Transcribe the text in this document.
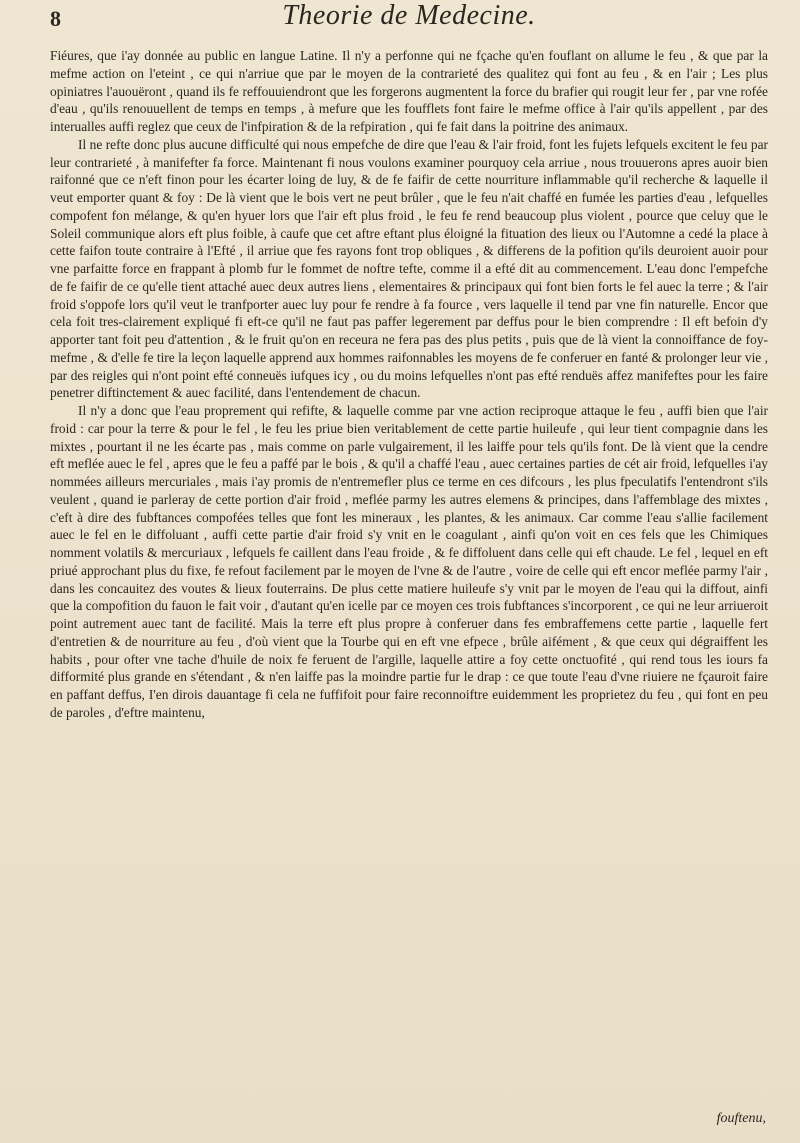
8	Theorie de Medecine.

Fiéures, que i'ay donnée au public en langue Latine. Il n'y a perfonne qui ne fçache qu'en fouflant on allume le feu , & que par la mefme action on l'eteint , ce qui n'arriue que par le moyen de la contrarieté des qualitez qui font au feu , & en l'air ; Les plus opiniatres l'auouëront , quand ils fe reffouuiendront que les forgerons augmentent la force du brafier qui rougit leur fer , par vne rofée d'eau , qu'ils renouuellent de temps en temps , à mefure que les foufflets font faire le mefme office à l'air qu'ils appellent , par des interualles auffi reglez que ceux de l'infpiration & de la refpiration , qui fe fait dans la poitrine des animaux.

Il ne refte donc plus aucune difficulté qui nous empefche de dire que l'eau & l'air froid, font les fujets lefquels excitent le feu par leur contrarieté , à manifefter fa force. Maintenant fi nous voulons examiner pourquoy cela arriue , nous trouuerons apres auoir bien raifonné que ce n'eft finon pour les écarter loing de luy, & de fe faifir de cette nourriture inflammable qu'il recherche & laquelle il veut emporter quant & foy : De là vient que le bois vert ne peut brûler , que le feu n'ait chaffé en fumée les parties d'eau , lefquelles compofent fon mélange, & qu'en hyuer lors que l'air eft plus froid , le feu fe rend beaucoup plus violent , pource que celuy que le Soleil communique alors eft plus foible, à caufe que cet aftre eftant plus éloigné la fituation des lieux ou l'Automne a cedé la place à cette faifon toute contraire à l'Efté , il arriue que fes rayons font trop obliques , & differens de la pofition qu'ils deuroient auoir pour vne parfaitte force en frappant à plomb fur le fommet de noftre tefte, comme il a efté dit au commencement. L'eau donc l'empefche de fe faifir de ce qu'elle tient attaché auec deux autres liens , elementaires & principaux qui font bien forts le fel auec la terre ; & l'air froid s'oppofe lors qu'il veut le tranfporter auec luy pour fe rendre à fa fource , vers laquelle il tend par vne fin naturelle. Encor que cela foit tres-clairement expliqué fi eft-ce qu'il ne faut pas paffer legerement par deffus pour le bien comprendre : Il eft befoin d'y apporter tant foit peu d'attention , & le fruit qu'on en receura ne fera pas des plus petits , puis que de là vient la connoiffance de foy-mefme , & d'elle fe tire la leçon laquelle apprend aux hommes raifonnables les moyens de fe conferuer en fanté & prolonger leur vie , par des reigles qui n'ont point efté conneuës iufques icy , ou du moins lefquelles n'ont pas efté renduës affez manifeftes pour les faire penetrer diftinctement & auec facilité, dans l'entendement de chacun.

Il n'y a donc que l'eau proprement qui refifte, & laquelle comme par vne action reciproque attaque le feu , auffi bien que l'air froid : car pour la terre & pour le fel , le feu les priue bien veritablement de cette partie huileufe , qui leur tient compagnie dans les mixtes , pourtant il ne les écarte pas , mais comme on parle vulgairement, il les laiffe pour tels qu'ils font. De là vient que la cendre eft meflée auec le fel , apres que le feu a paffé par le bois , & qu'il a chaffé l'eau , auec certaines parties de cét air froid, lefquelles i'ay nommées ailleurs mercuriales , mais i'ay promis de n'entremefler plus ce terme en ces difcours , les plus fpeculatifs l'entendront s'ils veulent , quand ie parleray de cette portion d'air froid , meflée parmy les autres elemens & principes, dans l'affemblage des mixtes , c'eft à dire des fubftances compofées telles que font les mineraux , les plantes, & les animaux. Car comme l'eau s'allie facilement auec le fel en le diffoluant , auffi cette partie d'air froid s'y vnit en le coagulant , ainfi qu'on voit en ces fels que les Chimiques nomment volatils & mercuriaux , lefquels fe caillent dans l'eau froide , & fe diffoluent dans celle qui eft chaude. Le fel , lequel en eft priué approchant plus du fixe, fe refout facilement par le moyen de l'vne & de l'autre , voire de celle qui eft encor meflée parmy l'air , dans les concauitez des voutes & lieux fouterrains. De plus cette matiere huileufe s'y vnit par le moyen de l'eau qui la diffout, ainfi que la compofition du fauon le fait voir , d'autant qu'en icelle par ce moyen ces trois fubftances s'incorporent , ce qui ne leur arriueroit point autrement auec tant de facilité. Mais la terre eft plus propre à conferuer dans fes embraffemens cette partie , laquelle fert d'entretien & de nourriture au feu , d'où vient que la Tourbe qui en eft vne efpece , brûle aifément , & que ceux qui dégraiffent les habits , pour ofter vne tache d'huile de noix fe feruent de l'argille, laquelle attire a foy cette onctuofité , qui rend tous les iours fa difformité plus grande en s'étendant , & n'en laiffe pas la moindre partie fur le drap : ce que toute l'eau d'vne riuiere ne fçauroit faire en paffant deffus, I'en dirois dauantage fi cela ne fuffifoit pour faire reconnoiftre euidemment les proprietez du feu , qui font en peu de paroles , d'eftre maintenu,

fouftenu,
